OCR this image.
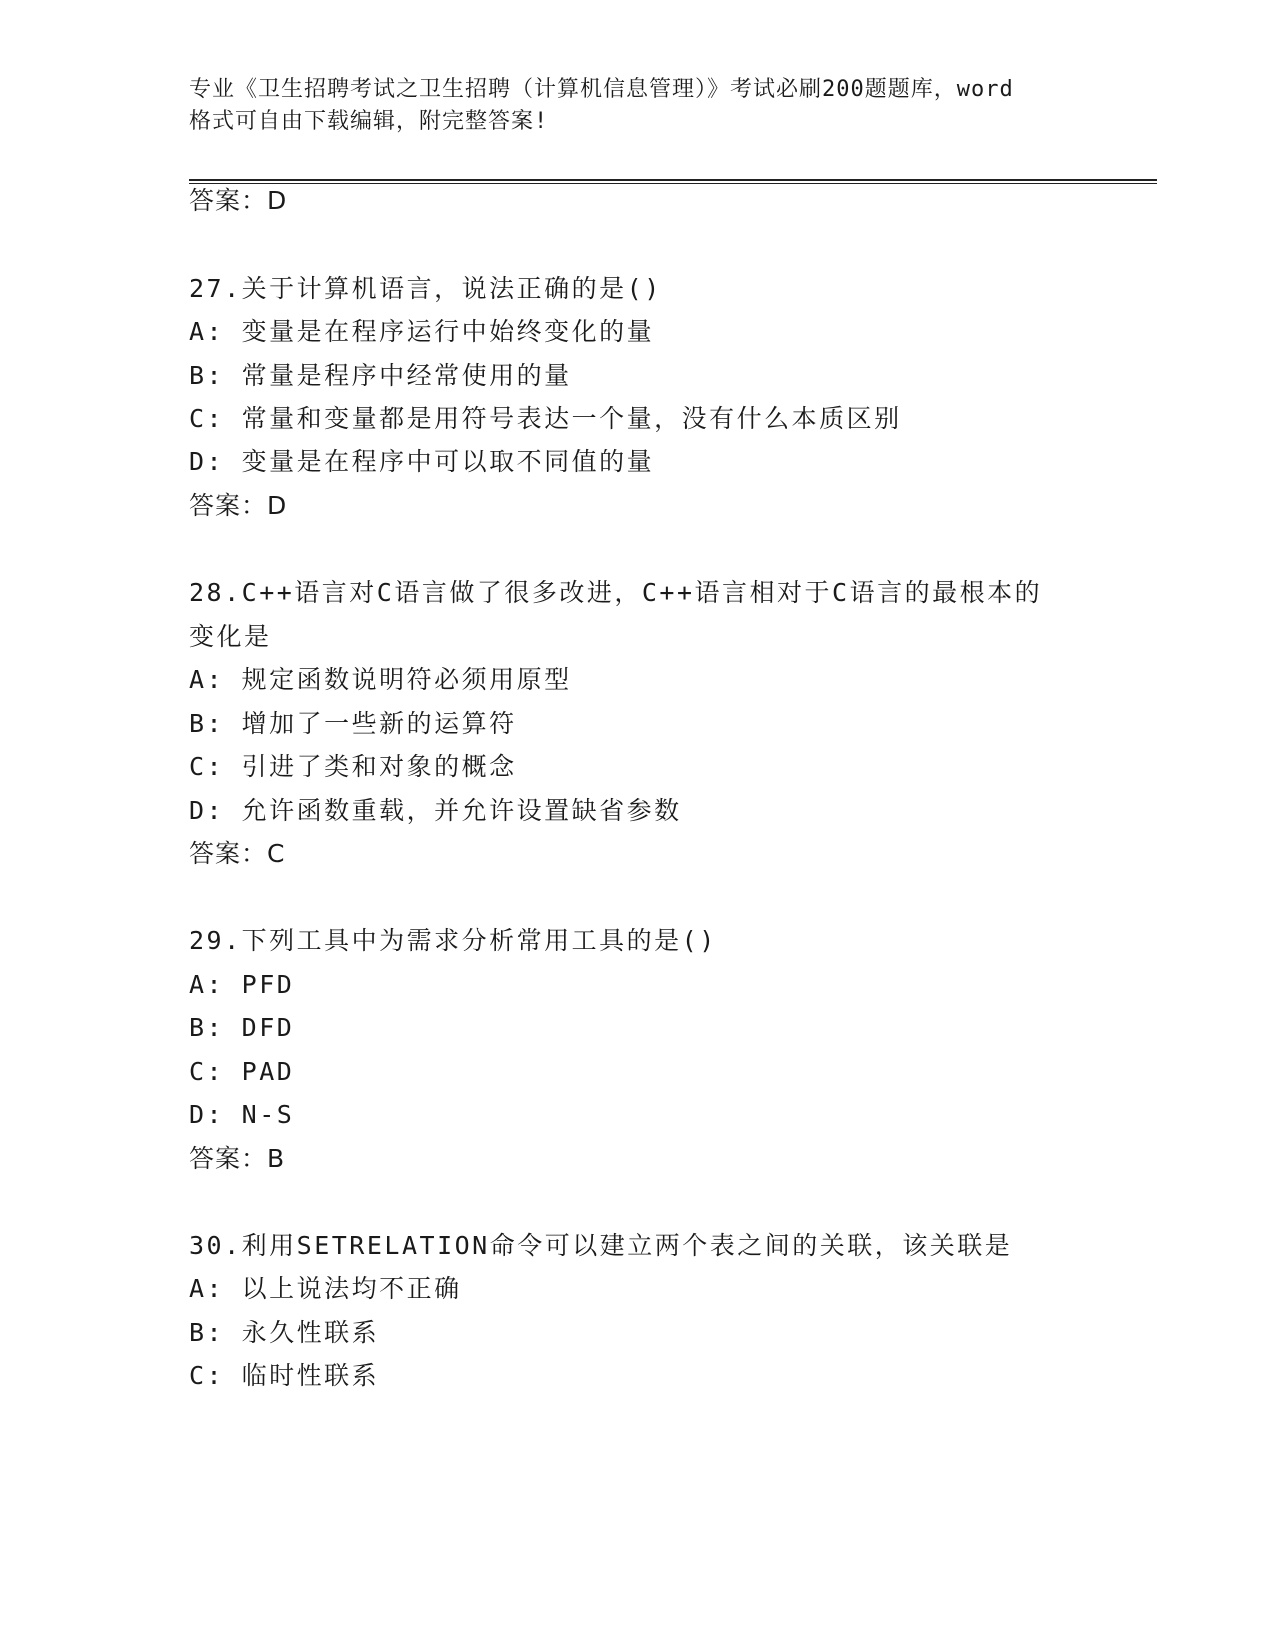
专业《卫生招聘考试之卫生招聘（计算机信息管理）》考试必刷200题题库，word
格式可自由下载编辑，附完整答案!
答案：D
27.关于计算机语言，说法正确的是()
A: 变量是在程序运行中始终变化的量
B: 常量是程序中经常使用的量
C: 常量和变量都是用符号表达一个量，没有什么本质区别
D: 变量是在程序中可以取不同值的量
答案：D
28.C++语言对C语言做了很多改进，C++语言相对于C语言的最根本的
变化是
A: 规定函数说明符必须用原型
B: 增加了一些新的运算符
C: 引进了类和对象的概念
D: 允许函数重载，并允许设置缺省参数
答案：C
29.下列工具中为需求分析常用工具的是()
A: PFD
B: DFD
C: PAD
D: N-S
答案：B
30.利用SETRELATION命令可以建立两个表之间的关联，该关联是
A: 以上说法均不正确
B: 永久性联系
C: 临时性联系
